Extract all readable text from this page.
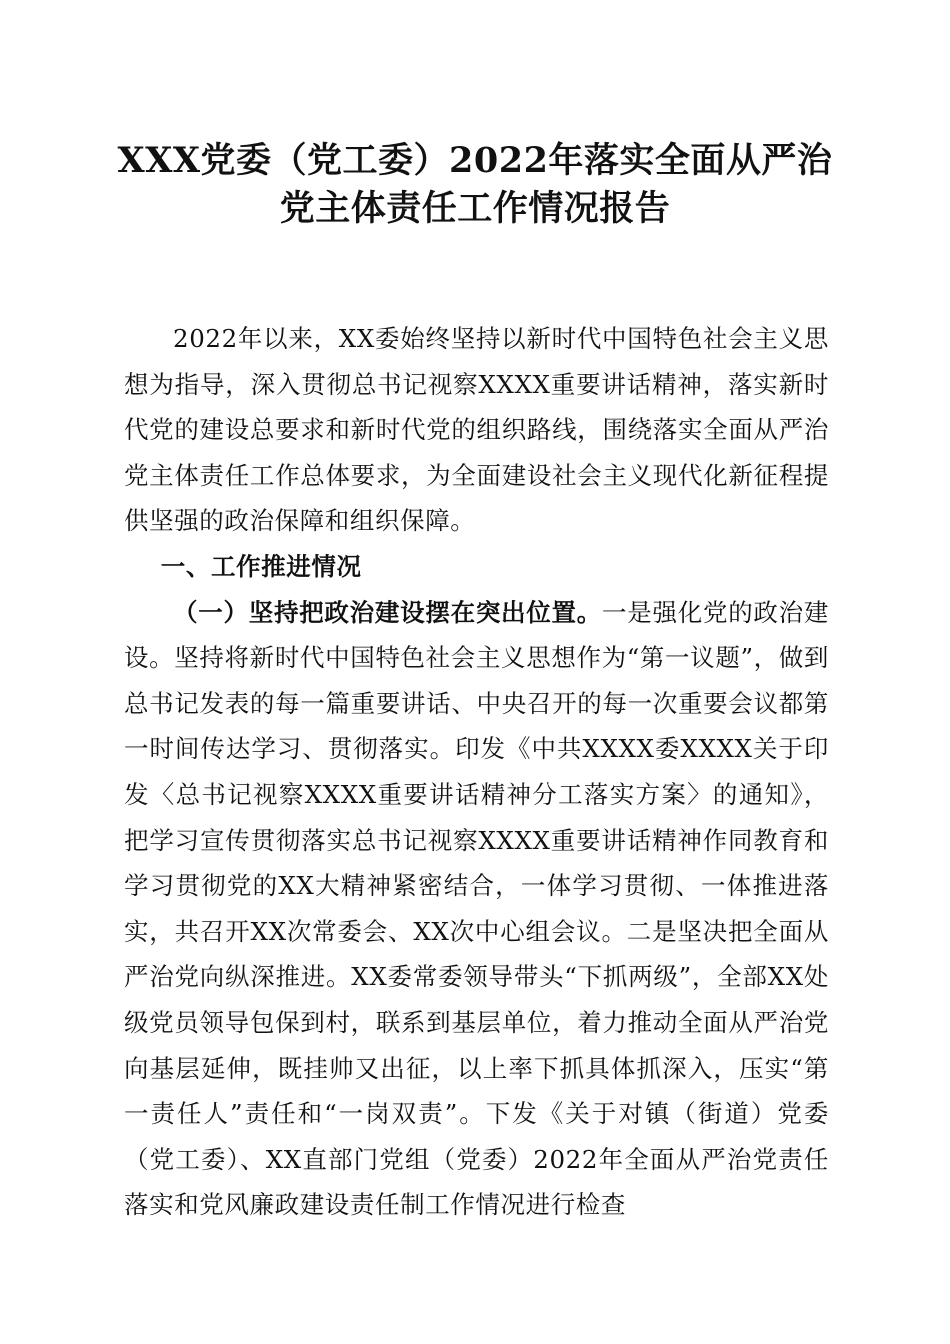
XXX党委（党工委）2022年落实全面从严治
党主体责任工作情况报告

2022年以来，XX委始终坚持以新时代中国特色社会主义思想为指导，深入贯彻总书记视察XXXX重要讲话精神，落实新时代党的建设总要求和新时代党的组织路线，围绕落实全面从严治党主体责任工作总体要求，为全面建设社会主义现代化新征程提供坚强的政治保障和组织保障。

一、工作推进情况

（一）坚持把政治建设摆在突出位置。一是强化党的政治建设。坚持将新时代中国特色社会主义思想作为“第一议题”，做到总书记发表的每一篇重要讲话、中央召开的每一次重要会议都第一时间传达学习、贯彻落实。印发《中共XXXX委XXXX关于印发〈总书记视察XXXX重要讲话精神分工落实方案〉的通知》，把学习宣传贯彻落实总书记视察XXXX重要讲话精神作同教育和学习贯彻党的XX大精神紧密结合，一体学习贯彻、一体推进落实，共召开XX次常委会、XX次中心组会议。二是坚决把全面从严治党向纵深推进。XX委常委领导带头“下抓两级”，全部XX处级党员领导包保到村，联系到基层单位，着力推动全面从严治党向基层延伸，既挂帅又出征，以上率下抓具体抓深入，压实“第一责任人”责任和“一岗双责”。下发《关于对镇（街道）党委（党工委）、XX直部门党组（党委）2022年全面从严治党责任落实和党风廉政建设责任制工作情况进行检查
